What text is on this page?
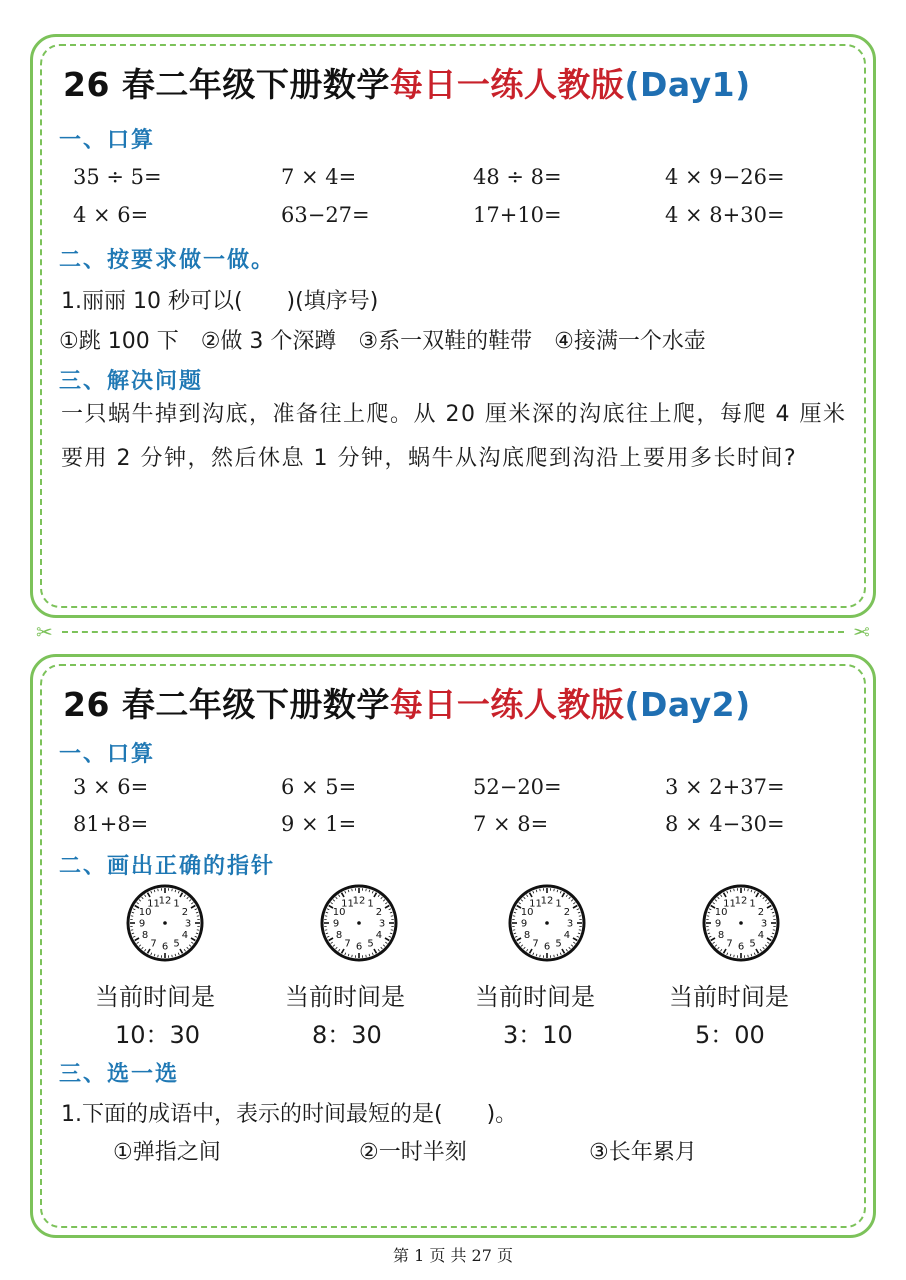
26 春二年级下册数学每日一练人教版(Day1)
一、口算
35 ÷ 5=	7 × 4=	48 ÷ 8=	4 × 9−26=
4 × 6=	63−27=	17+10=	4 × 8+30=
二、按要求做一做。
1.丽丽 10 秒可以(　　)(填序号)
①跳 100 下　②做 3 个深蹲　③系一双鞋的鞋带　④接满一个水壶
三、解决问题
一只蜗牛掉到沟底，准备往上爬。从 20 厘米深的沟底往上爬，每爬 4 厘米要用 2 分钟，然后休息 1 分钟，蜗牛从沟底爬到沟沿上要用多长时间?
✂	✂
26 春二年级下册数学每日一练人教版(Day2)
一、口算
3 × 6=	6 × 5=	52−20=	3 × 2+37=
81+8=	9 × 1=	7 × 8=	8 × 4−30=
二、画出正确的指针
1
2
3
4
5
6
7
8
9
10
11
12	1
2
3
4
5
6
7
8
9
10
11
12	1
2
3
4
5
6
7
8
9
10
11
12	1
2
3
4
5
6
7
8
9
10
11
12
当前时间是	当前时间是	当前时间是	当前时间是
10：30	8：30	3：10	5：00
三、选一选
1.下面的成语中，表示的时间最短的是(　　)。
①弹指之间	②一时半刻	③长年累月
第 1 页 共 27 页
